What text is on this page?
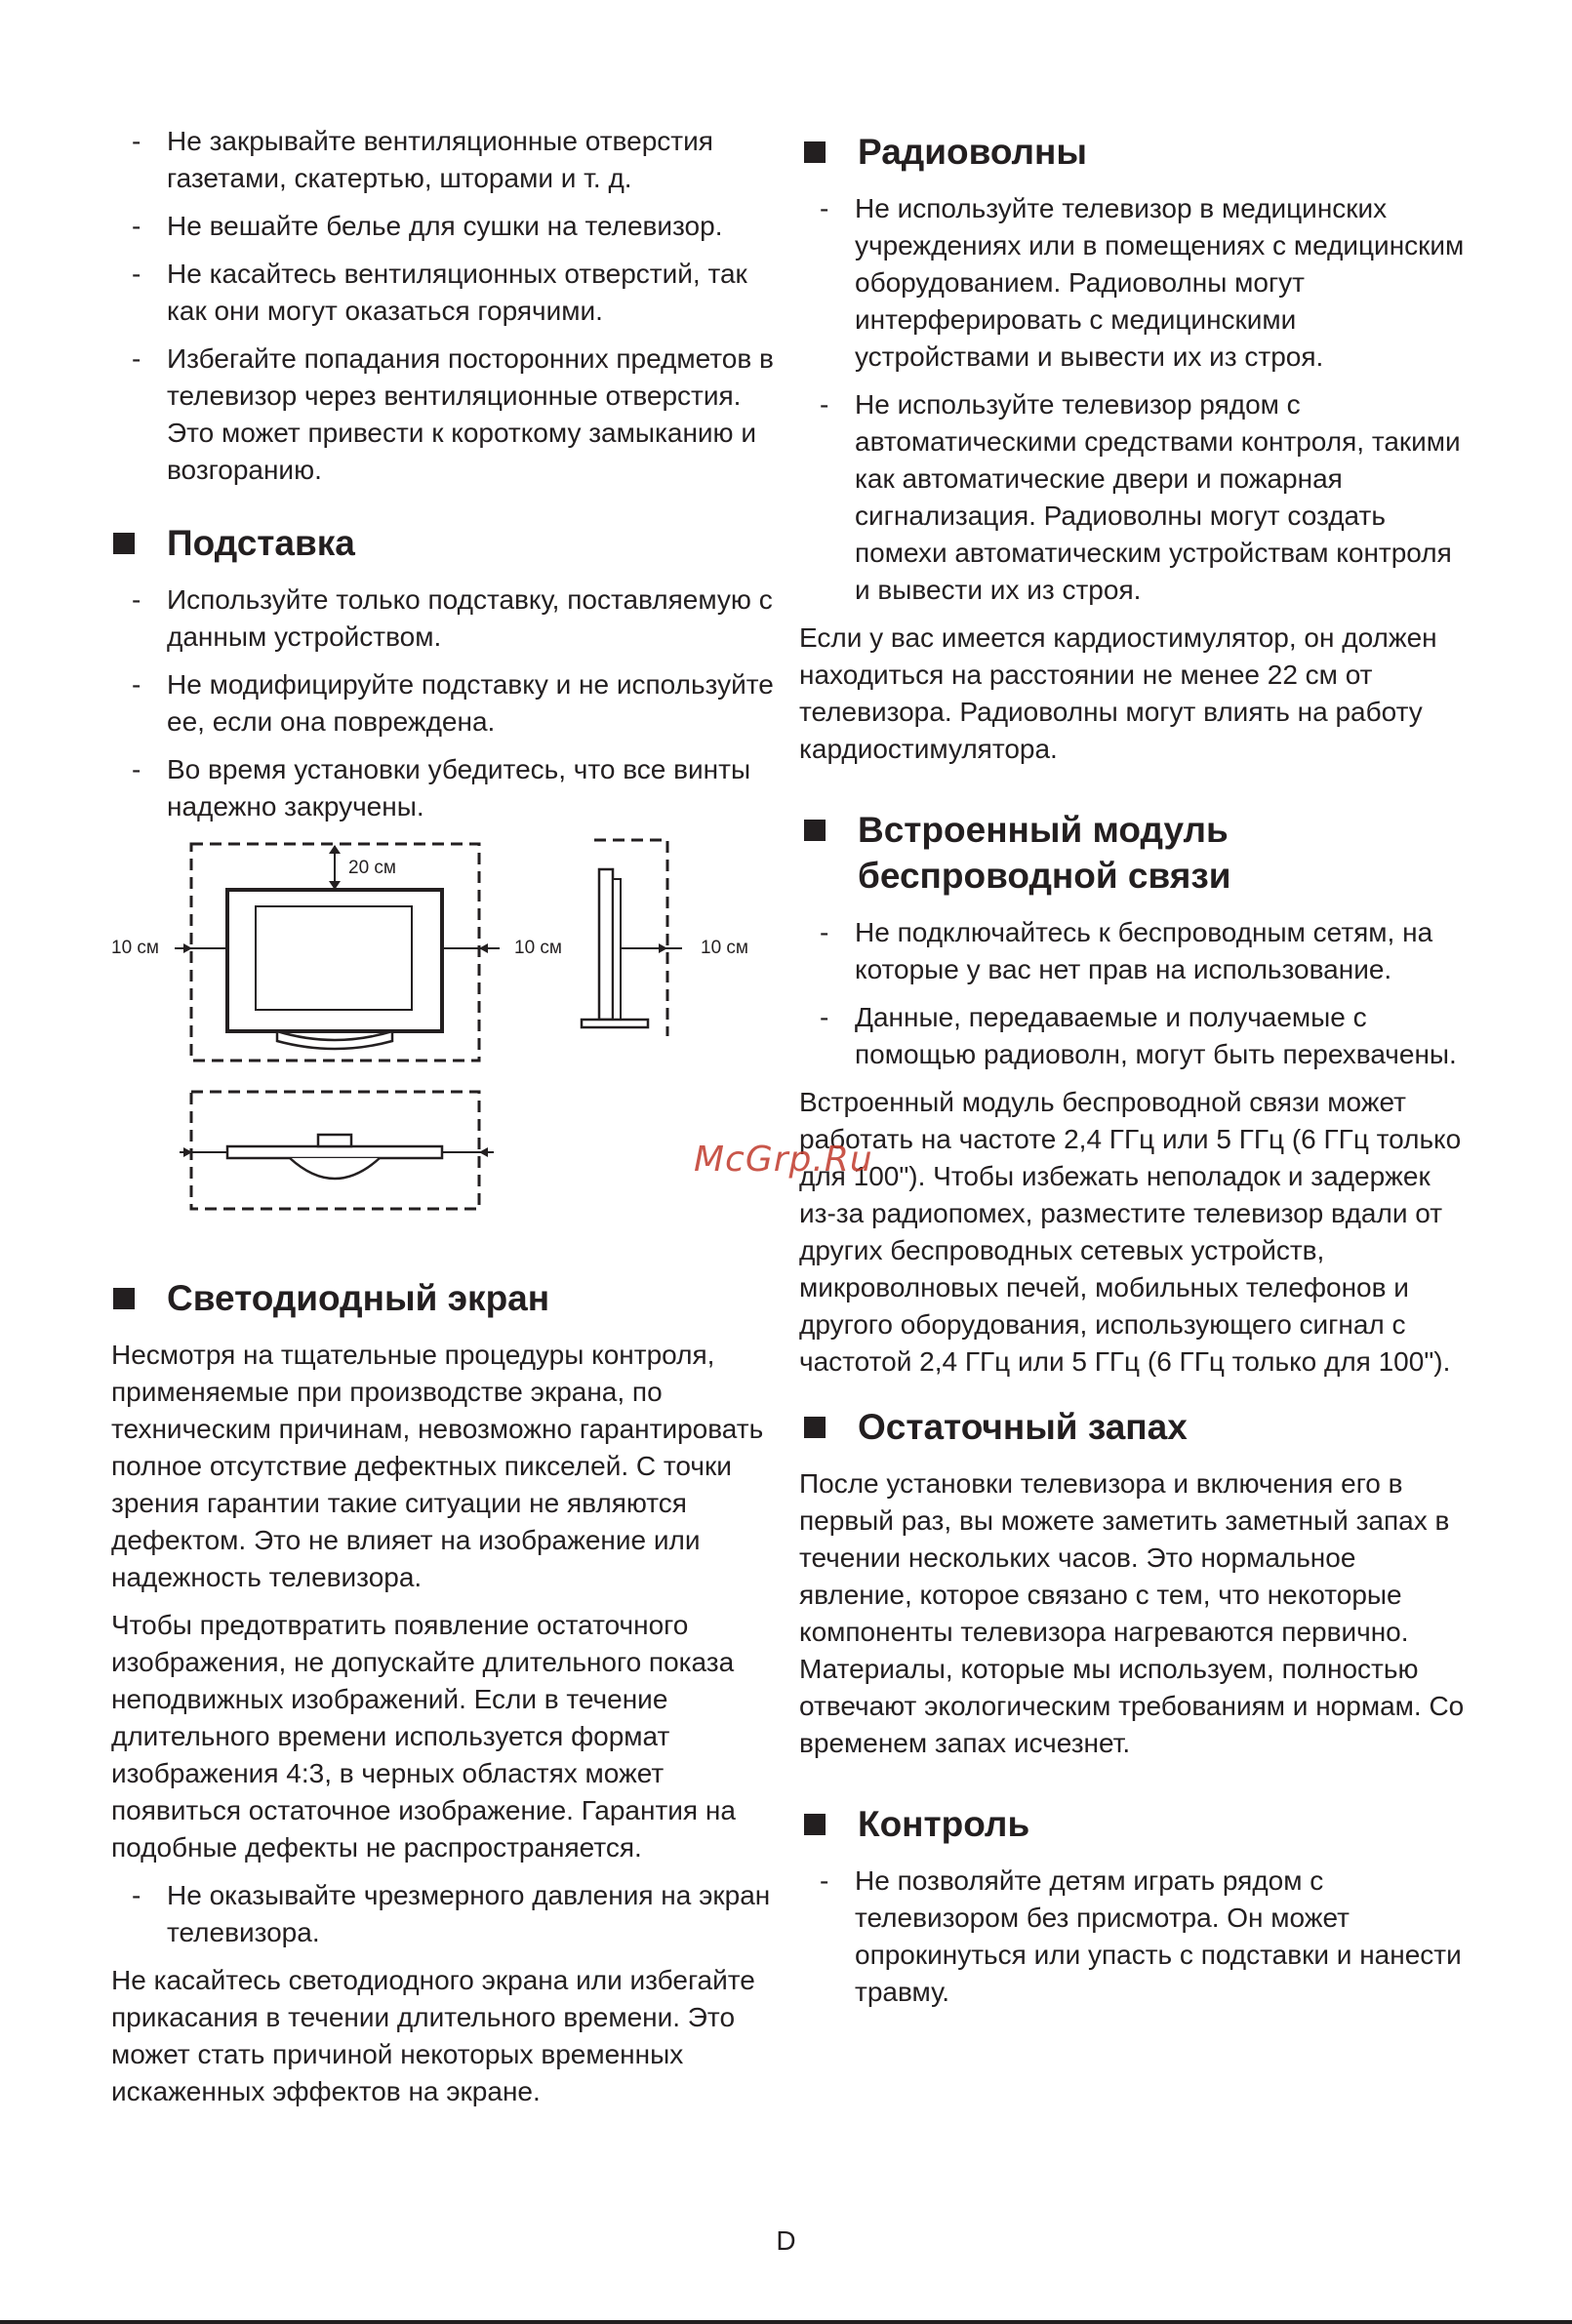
- Не закрывайте вентиляционные отверстия газетами, скатертью, шторами и т. д.
- Не вешайте белье для сушки на телевизор.
- Не касайтесь вентиляционных отверстий, так как они могут оказаться горячими.
- Избегайте попадания посторонних предметов в телевизор через вентиляционные отверстия. Это может привести к короткому замыканию и возгоранию.
Подставка
- Используйте только подставку, поставляемую с данным устройством.
- Не модифицируйте подставку и не используйте ее, если она повреждена.
- Во время установки убедитесь, что все винты надежно закручены.
20 см
10 см	10 см	10 см
Светодиодный экран

Несмотря на тщательные процедуры контроля, применяемые при производстве экрана, по техническим причинам, невозможно гарантировать полное отсутствие дефектных пикселей. С точки зрения гарантии такие ситуации не являются дефектом. Это не влияет на изображение или надежность телевизора.

Чтобы предотвратить появление остаточного изображения, не допускайте длительного показа неподвижных изображений. Если в течение длительного времени используется формат изображения 4:3, в черных областях может появиться остаточное изображение. Гарантия на подобные дефекты не распространяется.

- Не оказывайте чрезмерного давления на экран телевизора.

Не касайтесь светодиодного экрана или избегайте прикасания в течении длительного времени. Это может стать причиной некоторых временных искаженных эффектов на экране.

Радиоволны
- Не используйте телевизор в медицинских учреждениях или в помещениях с медицинским оборудованием. Радиоволны могут интерферировать с медицинскими устройствами и вывести их из строя.
- Не используйте телевизор рядом с автоматическими средствами контроля, такими как автоматические двери и пожарная сигнализация. Радиоволны могут создать помехи автоматическим устройствам контроля и вывести их из строя.

Если у вас имеется кардиостимулятор, он должен находиться на расстоянии не менее 22 см от телевизора. Радиоволны могут влиять на работу кардиостимулятора.

Встроенный модуль беспроводной связи
- Не подключайтесь к беспроводным сетям, на которые у вас нет прав на использование.
- Данные, передаваемые и получаемые с помощью радиоволн, могут быть перехвачены.

Встроенный модуль беспроводной связи может работать на частоте 2,4 ГГц или 5 ГГц (6 ГГц только для 100"). Чтобы избежать неполадок и задержек из-за радиопомех, разместите телевизор вдали от других беспроводных сетевых устройств, микроволновых печей, мобильных телефонов и другого оборудования, использующего сигнал с частотой 2,4 ГГц или 5 ГГц (6 ГГц только для 100").

Остаточный запах

После установки телевизора и включения его в первый раз, вы можете заметить заметный запах в течении нескольких часов. Это нормальное явление, которое связано с тем, что некоторые компоненты телевизора нагреваются первично. Материалы, которые мы используем, полностью отвечают экологическим требованиям и нормам. Со временем запах исчезнет.

Контроль
- Не позволяйте детям играть рядом с телевизором без присмотра. Он может опрокинуться или упасть с подставки и нанести травму.
McGrp.Ru
D
